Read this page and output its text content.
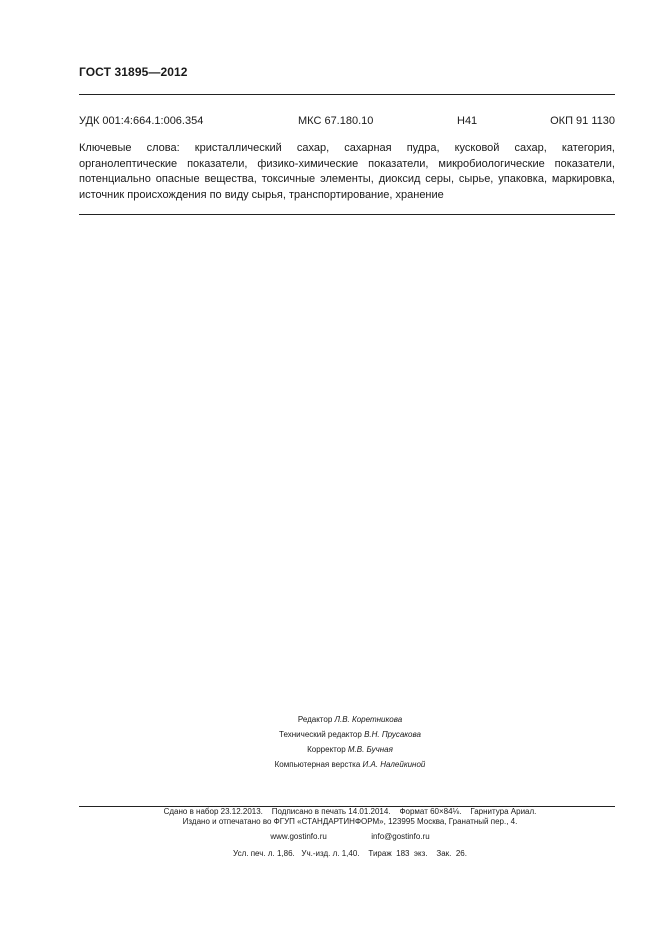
ГОСТ 31895—2012
УДК 001:4:664.1:006.354	МКС 67.180.10	Н41	ОКП 91 1130
Ключевые слова: кристаллический сахар, сахарная пудра, кусковой сахар, категория, органолептические показатели, физико-химические показатели, микробиологические показатели, потенциально опасные вещества, токсичные элементы, диоксид серы, сырье, упаковка, маркировка, источник происхождения по виду сырья, транспортирование, хранение
Редактор Л.В. Коретникова
Технический редактор В.Н. Прусакова
Корректор М.В. Бучная
Компьютерная верстка И.А. Налейкиной

Сдано в набор 23.12.2013.    Подписано в печать 14.01.2014.    Формат 60×84⅛.    Гарнитура Ариал.

Усл. печ. л. 1,86.   Уч.-изд. л. 1,40.    Тираж  183  экз.    Зак.  26.

Издано и отпечатано во ФГУП «СТАНДАРТИНФОРМ», 123995 Москва, Гранатный пер., 4.
www.gostinfo.ru	info@gostinfo.ru
